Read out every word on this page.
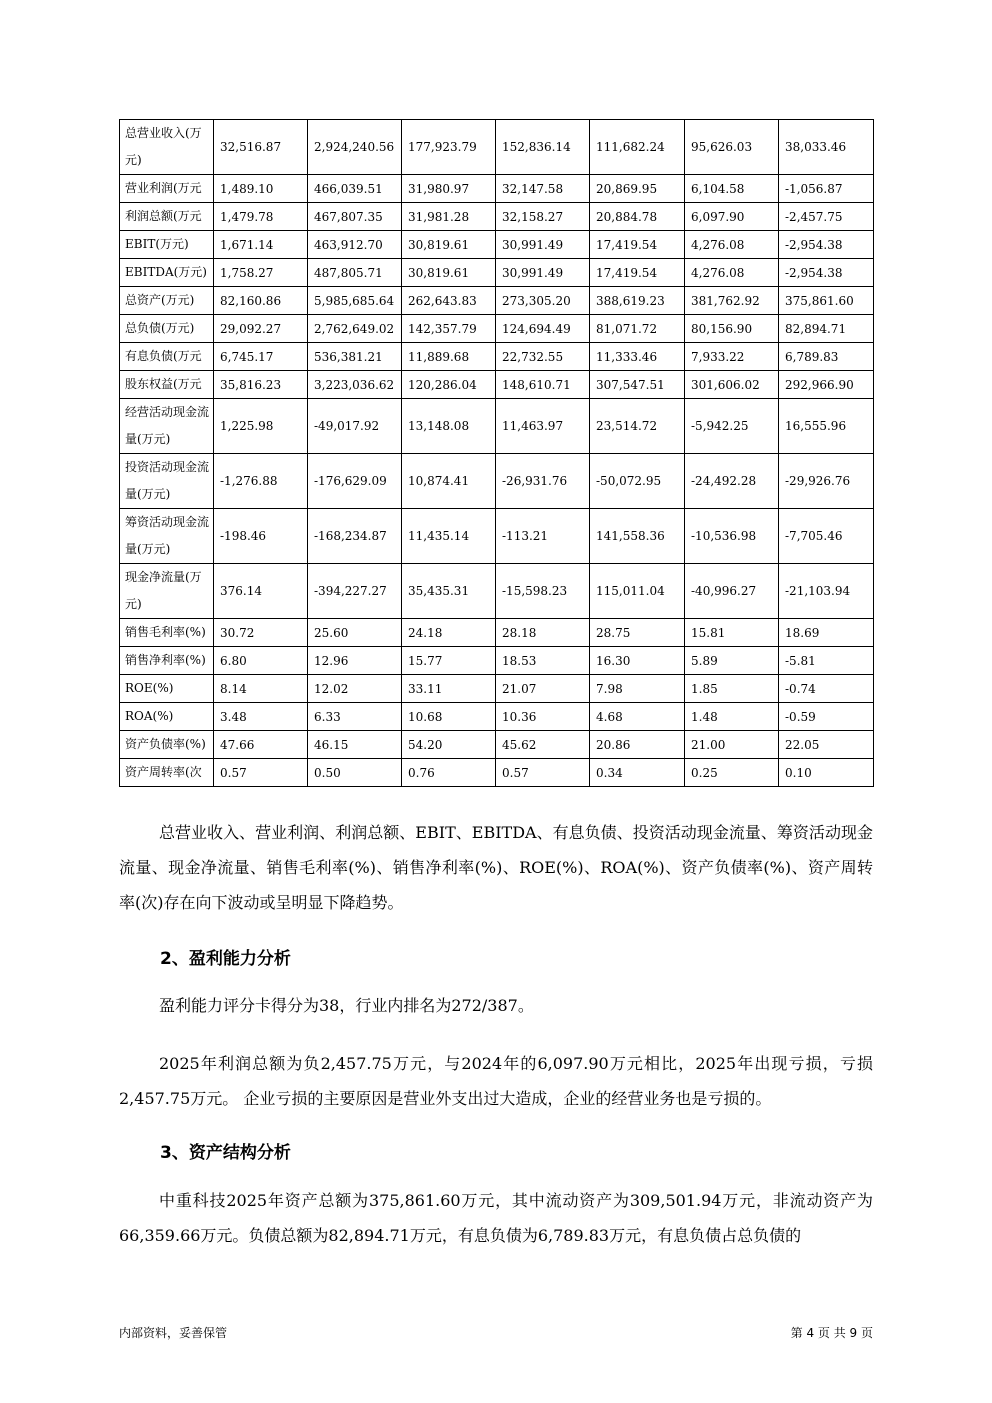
总营业收入(万元)	32,516.87	2,924,240.56	177,923.79	152,836.14	111,682.24	95,626.03	38,033.46
营业利润(万元	1,489.10	466,039.51	31,980.97	32,147.58	20,869.95	6,104.58	-1,056.87
利润总额(万元	1,479.78	467,807.35	31,981.28	32,158.27	20,884.78	6,097.90	-2,457.75
EBIT(万元)	1,671.14	463,912.70	30,819.61	30,991.49	17,419.54	4,276.08	-2,954.38
EBITDA(万元)	1,758.27	487,805.71	30,819.61	30,991.49	17,419.54	4,276.08	-2,954.38
总资产(万元)	82,160.86	5,985,685.64	262,643.83	273,305.20	388,619.23	381,762.92	375,861.60
总负债(万元)	29,092.27	2,762,649.02	142,357.79	124,694.49	81,071.72	80,156.90	82,894.71
有息负债(万元	6,745.17	536,381.21	11,889.68	22,732.55	11,333.46	7,933.22	6,789.83
股东权益(万元	35,816.23	3,223,036.62	120,286.04	148,610.71	307,547.51	301,606.02	292,966.90
经营活动现金流量(万元)	1,225.98	-49,017.92	13,148.08	11,463.97	23,514.72	-5,942.25	16,555.96
投资活动现金流量(万元)	-1,276.88	-176,629.09	10,874.41	-26,931.76	-50,072.95	-24,492.28	-29,926.76
筹资活动现金流量(万元)	-198.46	-168,234.87	11,435.14	-113.21	141,558.36	-10,536.98	-7,705.46
现金净流量(万元)	376.14	-394,227.27	35,435.31	-15,598.23	115,011.04	-40,996.27	-21,103.94
销售毛利率(%)	30.72	25.60	24.18	28.18	28.75	15.81	18.69
销售净利率(%)	6.80	12.96	15.77	18.53	16.30	5.89	-5.81
ROE(%)	8.14	12.02	33.11	21.07	7.98	1.85	-0.74
ROA(%)	3.48	6.33	10.68	10.36	4.68	1.48	-0.59
资产负债率(%)	47.66	46.15	54.20	45.62	20.86	21.00	22.05
资产周转率(次	0.57	0.50	0.76	0.57	0.34	0.25	0.10
总营业收入、营业利润、利润总额、EBIT、EBITDA、有息负债、投资活动现金流量、筹资活动现金流量、现金净流量、销售毛利率(%)、销售净利率(%)、ROE(%)、ROA(%)、资产负债率(%)、资产周转率(次)存在向下波动或呈明显下降趋势。
2、盈利能力分析
盈利能力评分卡得分为38，行业内排名为272/387。
2025年利润总额为负2,457.75万元，与2024年的6,097.90万元相比，2025年出现亏损，亏损2,457.75万元。 企业亏损的主要原因是营业外支出过大造成，企业的经营业务也是亏损的。
3、资产结构分析
中重科技2025年资产总额为375,861.60万元，其中流动资产为309,501.94万元，非流动资产为66,359.66万元。负债总额为82,894.71万元，有息负债为6,789.83万元，有息负债占总负债的
内部资料，妥善保管	第 4 页 共 9 页
